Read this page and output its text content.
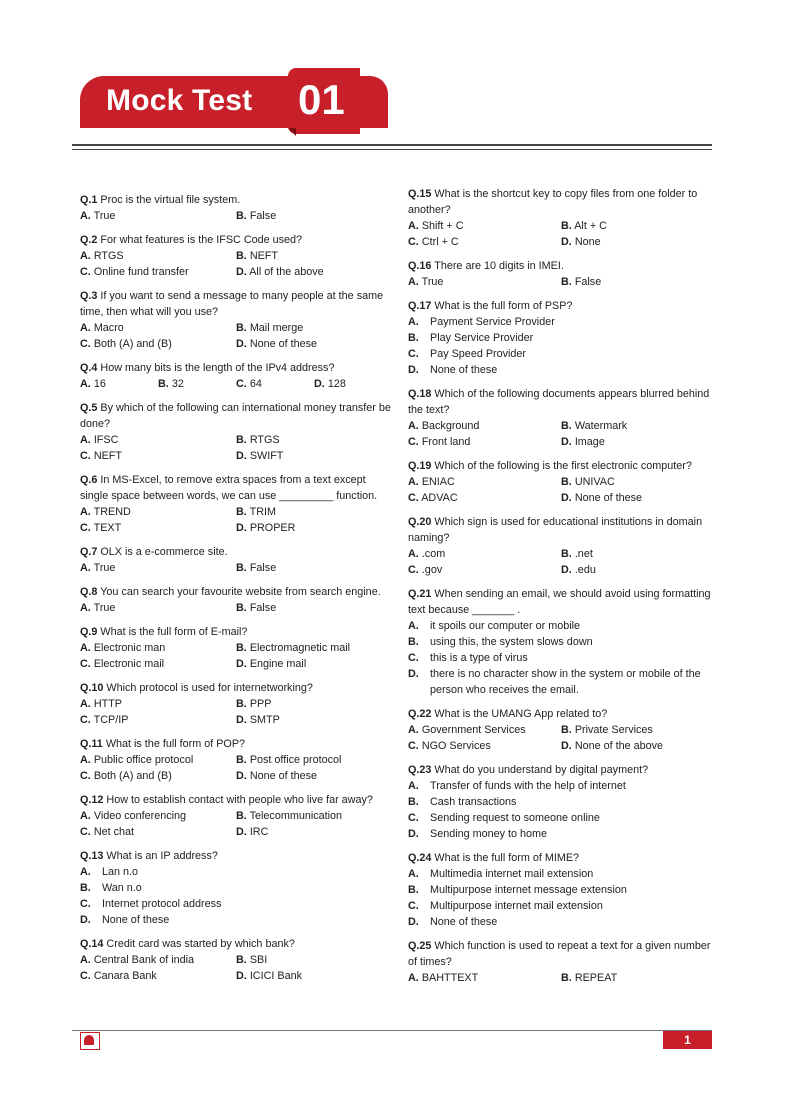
Mock Test 01
Q.1 Proc is the virtual file system.
A. True	B. False
Q.2 For what features is the IFSC Code used?
A. RTGS	B. NEFT
C. Online fund transfer	D. All of the above
Q.3 If you want to send a message to many people at the same time, then what will you use?
A. Macro	B. Mail merge
C. Both (A) and (B)	D. None of these
Q.4 How many bits is the length of the IPv4 address?
A. 16	B. 32	C. 64	D. 128
Q.5 By which of the following can international money transfer be done?
A. IFSC	B. RTGS
C. NEFT	D. SWIFT
Q.6 In MS-Excel, to remove extra spaces from a text except single space between words, we can use _________ function.
A. TREND	B. TRIM
C. TEXT	D. PROPER
Q.7 OLX is a e-commerce site.
A. True	B. False
Q.8 You can search your favourite website from search engine.
A. True	B. False
Q.9 What is the full form of E-mail?
A. Electronic man	B. Electromagnetic mail
C. Electronic mail	D. Engine mail
Q.10 Which protocol is used for internetworking?
A. HTTP	B. PPP
C. TCP/IP	D. SMTP
Q.11 What is the full form of POP?
A. Public office protocol	B. Post office protocol
C. Both (A) and (B)	D. None of these
Q.12 How to establish contact with people who live far away?
A. Video conferencing	B. Telecommunication
C. Net chat	D. IRC
Q.13 What is an IP address?
A.	Lan n.o
B.	Wan n.o
C.	Internet protocol address
D.	None of these
Q.14 Credit card was started by which bank?
A. Central Bank of india	B. SBI
C. Canara Bank	D. ICICI Bank
Q.15 What is the shortcut key to copy files from one folder to another?
A. Shift + C	B. Alt + C
C. Ctrl + C	D. None
Q.16 There are 10 digits in IMEI.
A. True	B. False
Q.17 What is the full form of PSP?
A.	Payment Service Provider
B.	Play Service Provider
C.	Pay Speed Provider
D.	None of these
Q.18 Which of the following documents appears blurred behind the text?
A. Background	B. Watermark
C. Front land	D. Image
Q.19 Which of the following is the first electronic computer?
A. ENIAC	B. UNIVAC
C. ADVAC	D. None of these
Q.20 Which sign is used for educational institutions in domain naming?
A. .com	B. .net
C. .gov	D. .edu
Q.21 When sending an email, we should avoid using formatting text because _______ .
A.	it spoils our computer or mobile
B.	using this, the system slows down
C.	this is a type of virus
D.	there is no character show in the system or mobile of the person who receives the email.
Q.22 What is the UMANG App related to?
A. Government Services	B. Private Services
C. NGO Services	D. None of the above
Q.23 What do you understand by digital payment?
A.	Transfer of funds with the help of internet
B.	Cash transactions
C.	Sending request to someone online
D.	Sending money to home
Q.24 What is the full form of MIME?
A.	Multimedia internet mail extension
B.	Multipurpose internet message extension
C.	Multipurpose internet mail extension
D.	None of these
Q.25 Which function is used to repeat a text for a given number of times?
A. BAHTTEXT	B. REPEAT
1
